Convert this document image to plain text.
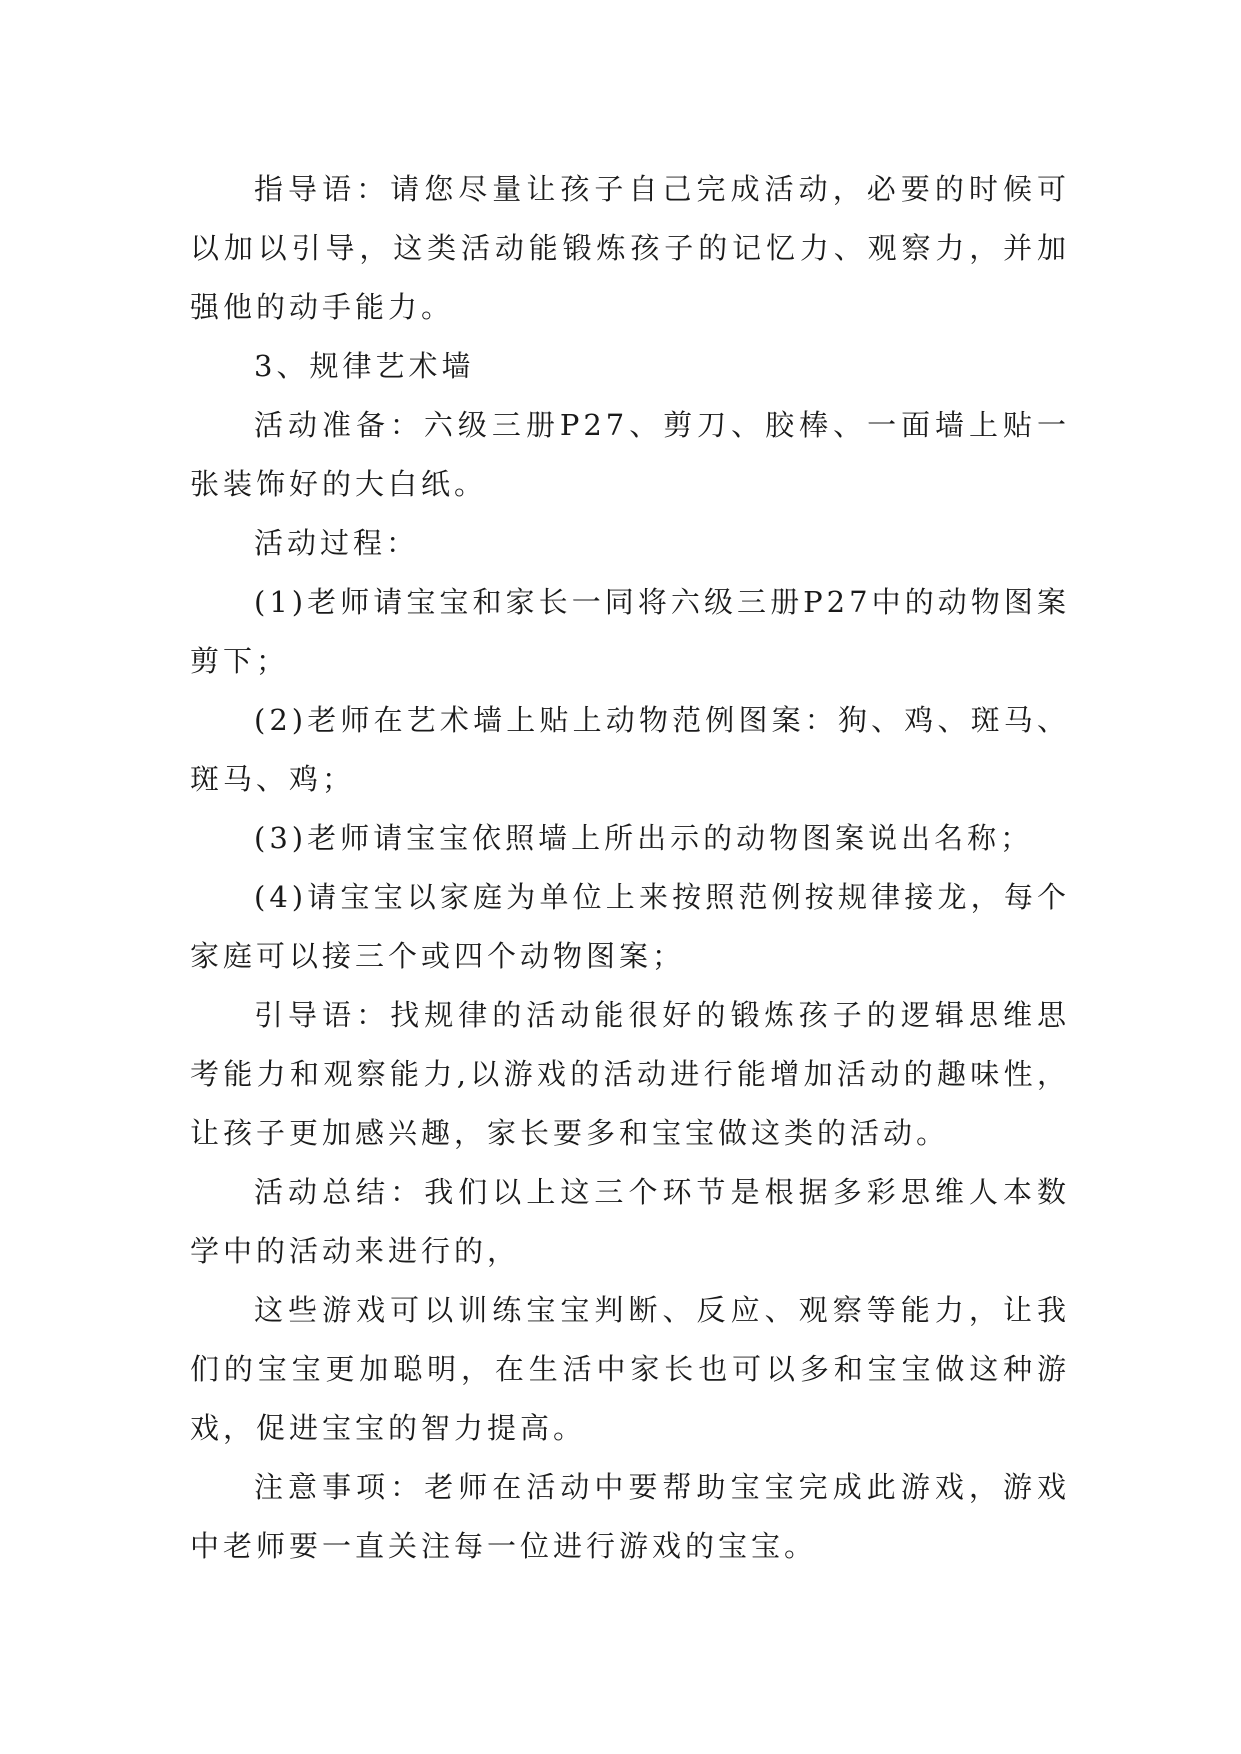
指导语：请您尽量让孩子自己完成活动，必要的时候可以加以引导，这类活动能锻炼孩子的记忆力、观察力，并加强他的动手能力。

3、规律艺术墙

活动准备：六级三册P27、剪刀、胶棒、一面墙上贴一张装饰好的大白纸。

活动过程：

(1)老师请宝宝和家长一同将六级三册P27中的动物图案剪下；

(2)老师在艺术墙上贴上动物范例图案：狗、鸡、斑马、斑马、鸡；

(3)老师请宝宝依照墙上所出示的动物图案说出名称；

(4)请宝宝以家庭为单位上来按照范例按规律接龙，每个家庭可以接三个或四个动物图案；

引导语：找规律的活动能很好的锻炼孩子的逻辑思维思考能力和观察能力,以游戏的活动进行能增加活动的趣味性，让孩子更加感兴趣，家长要多和宝宝做这类的活动。

活动总结：我们以上这三个环节是根据多彩思维人本数学中的活动来进行的，

这些游戏可以训练宝宝判断、反应、观察等能力，让我们的宝宝更加聪明，在生活中家长也可以多和宝宝做这种游戏，促进宝宝的智力提高。

注意事项：老师在活动中要帮助宝宝完成此游戏，游戏中老师要一直关注每一位进行游戏的宝宝。
